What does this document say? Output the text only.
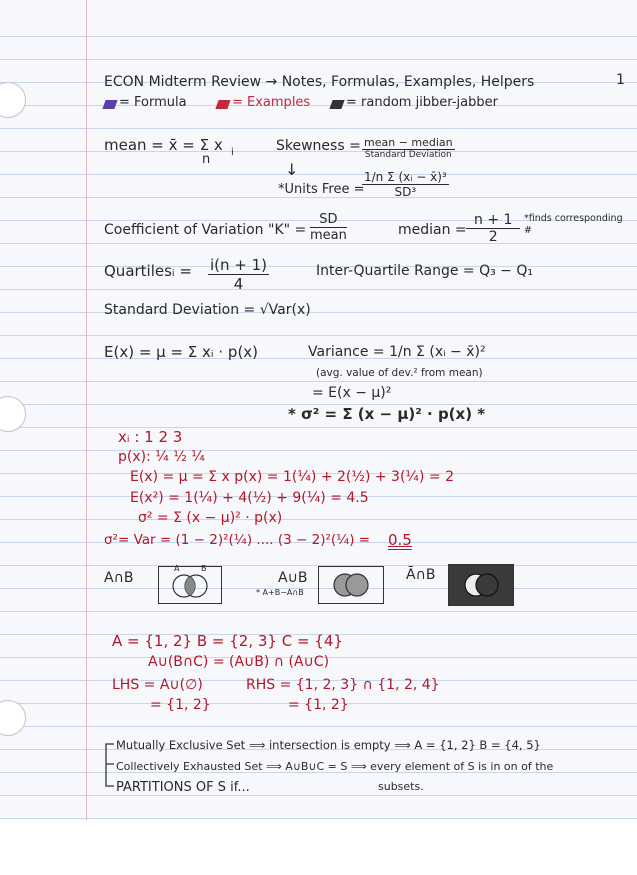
1
ECON Midterm Review → Notes, Formulas, Examples, Helpers
= Formula	= Examples	= random jibber-jabber
mean = x̄ = Σ x i
n
Skewness = mean − median
Standard Deviation
↓
*Units Free =
$\frac{\text{1/n Σ (xᵢ − x̄)³}}{\text{SD³}}$
Coefficient of Variation "K" =
SD
mean	median = $\frac{n + 1}{2}$ *finds corresponding #
Quartilesᵢ = $\frac{i(n + 1)}{4}$	Inter-Quartile Range = Q₃ − Q₁
Standard Deviation = √Var(x)
E(x) = μ = Σ xᵢ · p(x)	Variance = 1/n Σ (xᵢ − x̄)²
(avg. value of dev.² from mean)
= E(x − μ)²
* σ² = Σ (x − μ)² · p(x) *
xᵢ : 1 2 3
p(x): ¼ ½ ¼
E(x) = μ = Σ x p(x) = 1(¼) + 2(½) + 3(¼) = 2
E(x²) = 1(¼) + 4(½) + 9(¼) = 4.5
σ² = Σ (x − μ)² · p(x)
σ²= Var = (1 − 2)²(¼) .... (3 − 2)²(¼) = 0.5
A∩B
A	B
A∪B
* A+B−A∩B
Ā∩B
A = {1, 2} B = {2, 3} C = {4}
A∪(B∩C) = (A∪B) ∩ (A∪C)
LHS = A∪(∅)	RHS = {1, 2, 3} ∩ {1, 2, 4}
= {1, 2}	= {1, 2}
Mutually Exclusive Set ⟹ intersection is empty ⟹ A = {1, 2} B = {4, 5}
Collectively Exhausted Set ⟹ A∪B∪C = S ⟹ every element of S is in on of the
PARTITIONS OF S if...	subsets.
